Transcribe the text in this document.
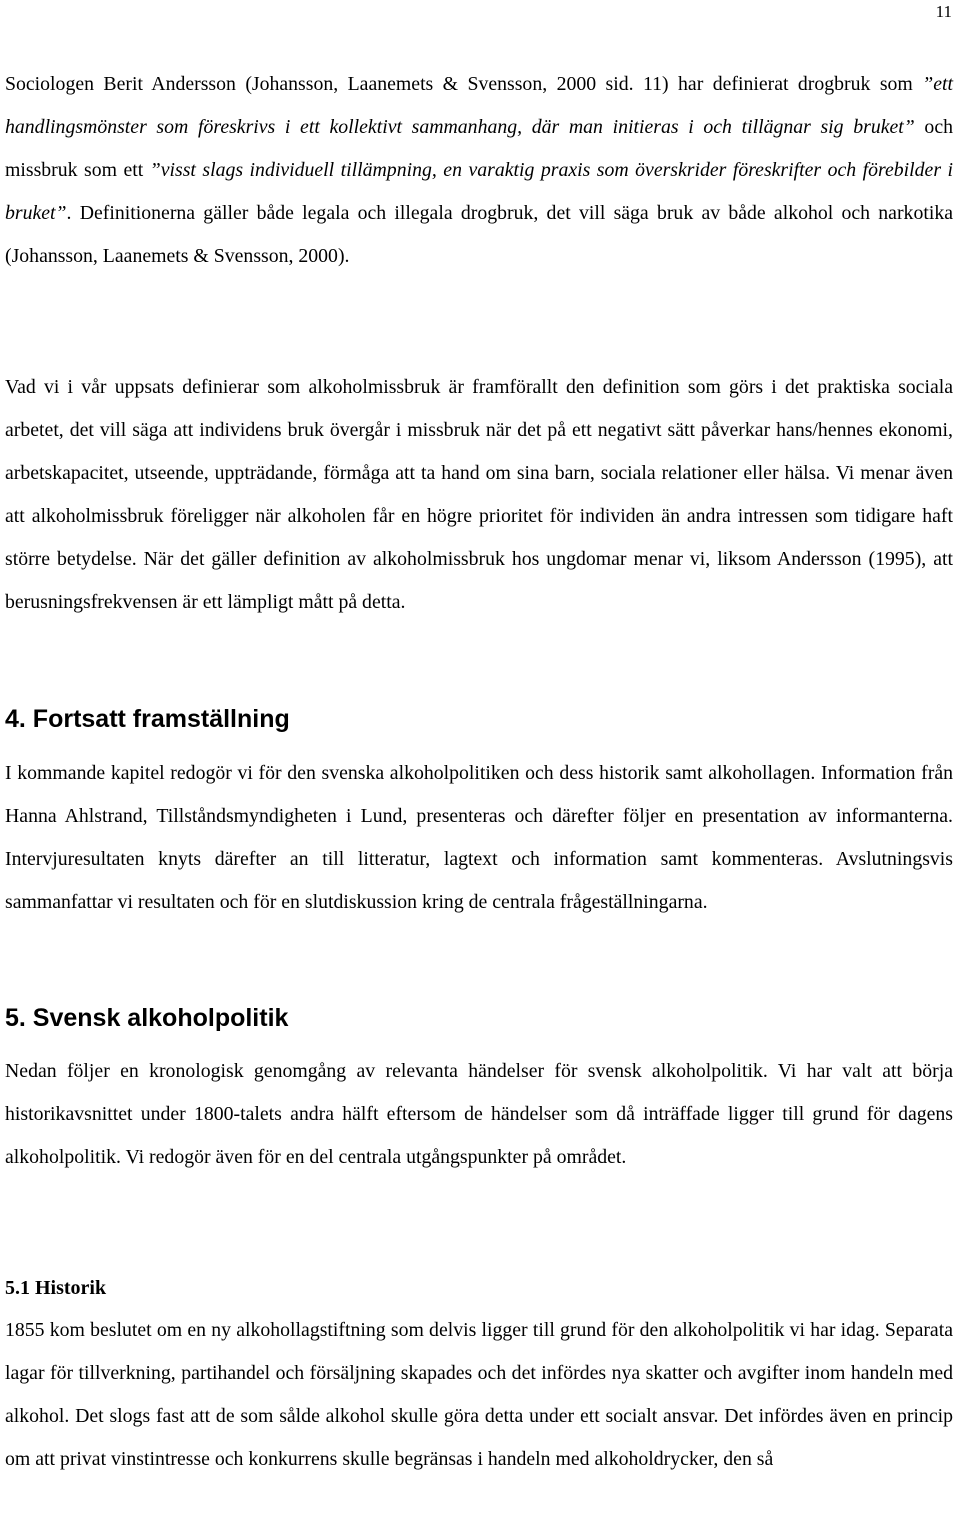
11

Sociologen Berit Andersson (Johansson, Laanemets & Svensson, 2000 sid. 11) har definierat drogbruk som ”ett handlingsmönster som föreskrivs i ett kollektivt sammanhang, där man initieras i och tillägnar sig bruket” och missbruk som ett ”visst slags individuell tillämpning, en varaktig praxis som överskrider föreskrifter och förebilder i bruket”. Definitionerna gäller både legala och illegala drogbruk, det vill säga bruk av både alkohol och narkotika (Johansson, Laanemets & Svensson, 2000).

Vad vi i vår uppsats definierar som alkoholmissbruk är framförallt den definition som görs i det praktiska sociala arbetet, det vill säga att individens bruk övergår i missbruk när det på ett negativt sätt påverkar hans/hennes ekonomi, arbetskapacitet, utseende, uppträdande, förmåga att ta hand om sina barn, sociala relationer eller hälsa. Vi menar även att alkoholmissbruk föreligger när alkoholen får en högre prioritet för individen än andra intressen som tidigare haft större betydelse. När det gäller definition av alkoholmissbruk hos ungdomar menar vi, liksom Andersson (1995), att berusningsfrekvensen är ett lämpligt mått på detta.

4. Fortsatt framställning

I kommande kapitel redogör vi för den svenska alkoholpolitiken och dess historik samt alkohollagen. Information från Hanna Ahlstrand, Tillståndsmyndigheten i Lund, presenteras och därefter följer en presentation av informanterna. Intervjuresultaten knyts därefter an till litteratur, lagtext och information samt kommenteras. Avslutningsvis sammanfattar vi resultaten och för en slutdiskussion kring de centrala frågeställningarna.

5. Svensk alkoholpolitik

Nedan följer en kronologisk genomgång av relevanta händelser för svensk alkoholpolitik. Vi har valt att börja historikavsnittet under 1800-talets andra hälft eftersom de händelser som då inträffade ligger till grund för dagens alkoholpolitik. Vi redogör även för en del centrala utgångspunkter på området.

5.1 Historik

1855 kom beslutet om en ny alkohollagstiftning som delvis ligger till grund för den alkoholpolitik vi har idag. Separata lagar för tillverkning, partihandel och försäljning skapades och det infördes nya skatter och avgifter inom handeln med alkohol. Det slogs fast att de som sålde alkohol skulle göra detta under ett socialt ansvar. Det infördes även en princip om att privat vinstintresse och konkurrens skulle begränsas i handeln med alkoholdrycker, den så
